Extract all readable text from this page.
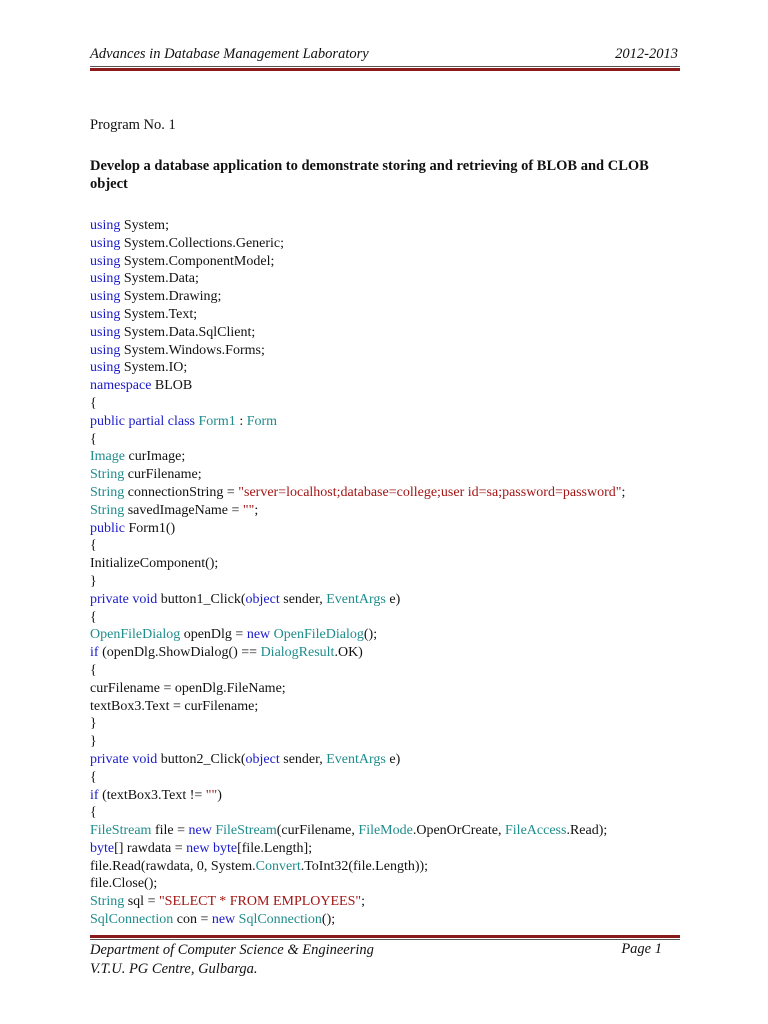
Advances in Database Management Laboratory	2012-2013
Program No. 1
Develop a database application to demonstrate storing and retrieving of BLOB and CLOB object
using System;
using System.Collections.Generic;
using System.ComponentModel;
using System.Data;
using System.Drawing;
using System.Text;
using System.Data.SqlClient;
using System.Windows.Forms;
using System.IO;
namespace BLOB
{
public partial class Form1 : Form
{
Image curImage;
String curFilename;
String connectionString = "server=localhost;database=college;user id=sa;password=password";
String savedImageName = "";
public Form1()
{
InitializeComponent();
}
private void button1_Click(object sender, EventArgs e)
{
OpenFileDialog openDlg = new OpenFileDialog();
if (openDlg.ShowDialog() == DialogResult.OK)
{
curFilename = openDlg.FileName;
textBox3.Text = curFilename;
}
}
private void button2_Click(object sender, EventArgs e)
{
if (textBox3.Text != "")
{
FileStream file = new FileStream(curFilename, FileMode.OpenOrCreate, FileAccess.Read);
byte[] rawdata = new byte[file.Length];
file.Read(rawdata, 0, System.Convert.ToInt32(file.Length));
file.Close();
String sql = "SELECT * FROM EMPLOYEES";
SqlConnection con = new SqlConnection();
Department of Computer Science & Engineering
V.T.U. PG Centre, Gulbarga.
Page 1
